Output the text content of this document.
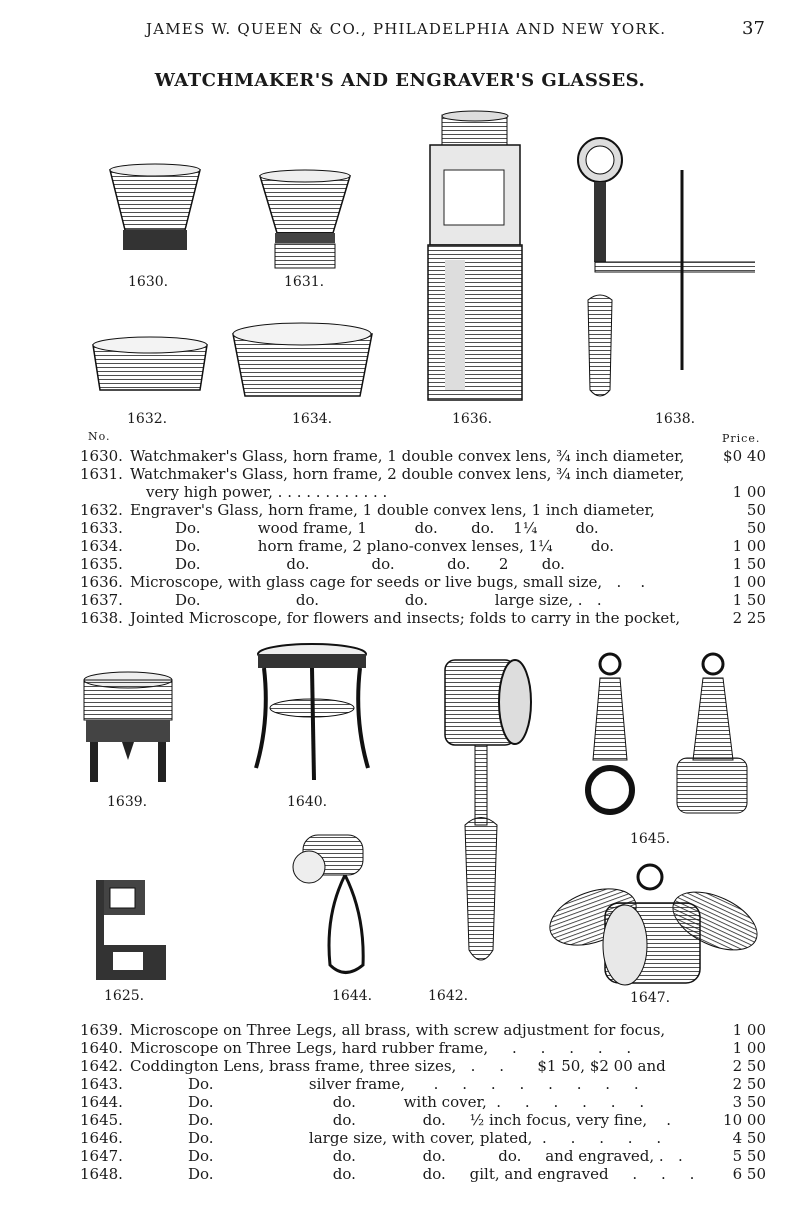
JAMES W. QUEEN & CO., PHILADELPHIA AND NEW YORK.	37
WATCHMAKER'S AND ENGRAVER'S GLASSES.
1630.	1631.
1632.	1634.	1636.	1638.
No.	Price.
1630. Watchmaker's Glass, horn frame, 1 double convex lens, ¾ inch diameter,	$0 40
1631. Watchmaker's Glass, horn frame, 2 double convex lens, ¾ inch diameter,
very high power, . . . . . . . . . . . .	1 00
1632. Engraver's Glass, horn frame, 1 double convex lens, 1 inch diameter,	50
1633.	Do.            wood frame, 1          do.       do.    1¼        do.	50
1634.	Do.            horn frame, 2 plano-convex lenses, 1¼        do.	1 00
1635.	Do.                  do.             do.           do.      2       do.	1 50
1636. Microscope, with glass cage for seeds or live bugs, small size,   .    .	1 00
1637.	Do.                    do.                  do.              large size, .   .	1 50
1638. Jointed Microscope, for flowers and insects; folds to carry in the pocket,	2 25
1639.	1640.
1645.
1625.	1644.	1642.	1647.
1639. Microscope on Three Legs, all brass, with screw adjustment for focus,	1 00
1640. Microscope on Three Legs, hard rubber frame,     .     .     .     .     .	1 00
1642. Coddington Lens, brass frame, three sizes,   .     .       $1 50, $2 00 and	2 50
1643.	Do.                    silver frame,      .     .     .     .     .     .     .     .	2 50
1644.	Do.                         do.          with cover,  .     .     .     .     .     .	3 50
1645.	Do.                         do.              do.     ½ inch focus, very fine,    .	10 00
1646.	Do.                    large size, with cover, plated,  .     .     .     .     .	4 50
1647.	Do.                         do.              do.           do.     and engraved, .   .	5 50
1648.	Do.                         do.              do.     gilt, and engraved     .     .     .	6 50
